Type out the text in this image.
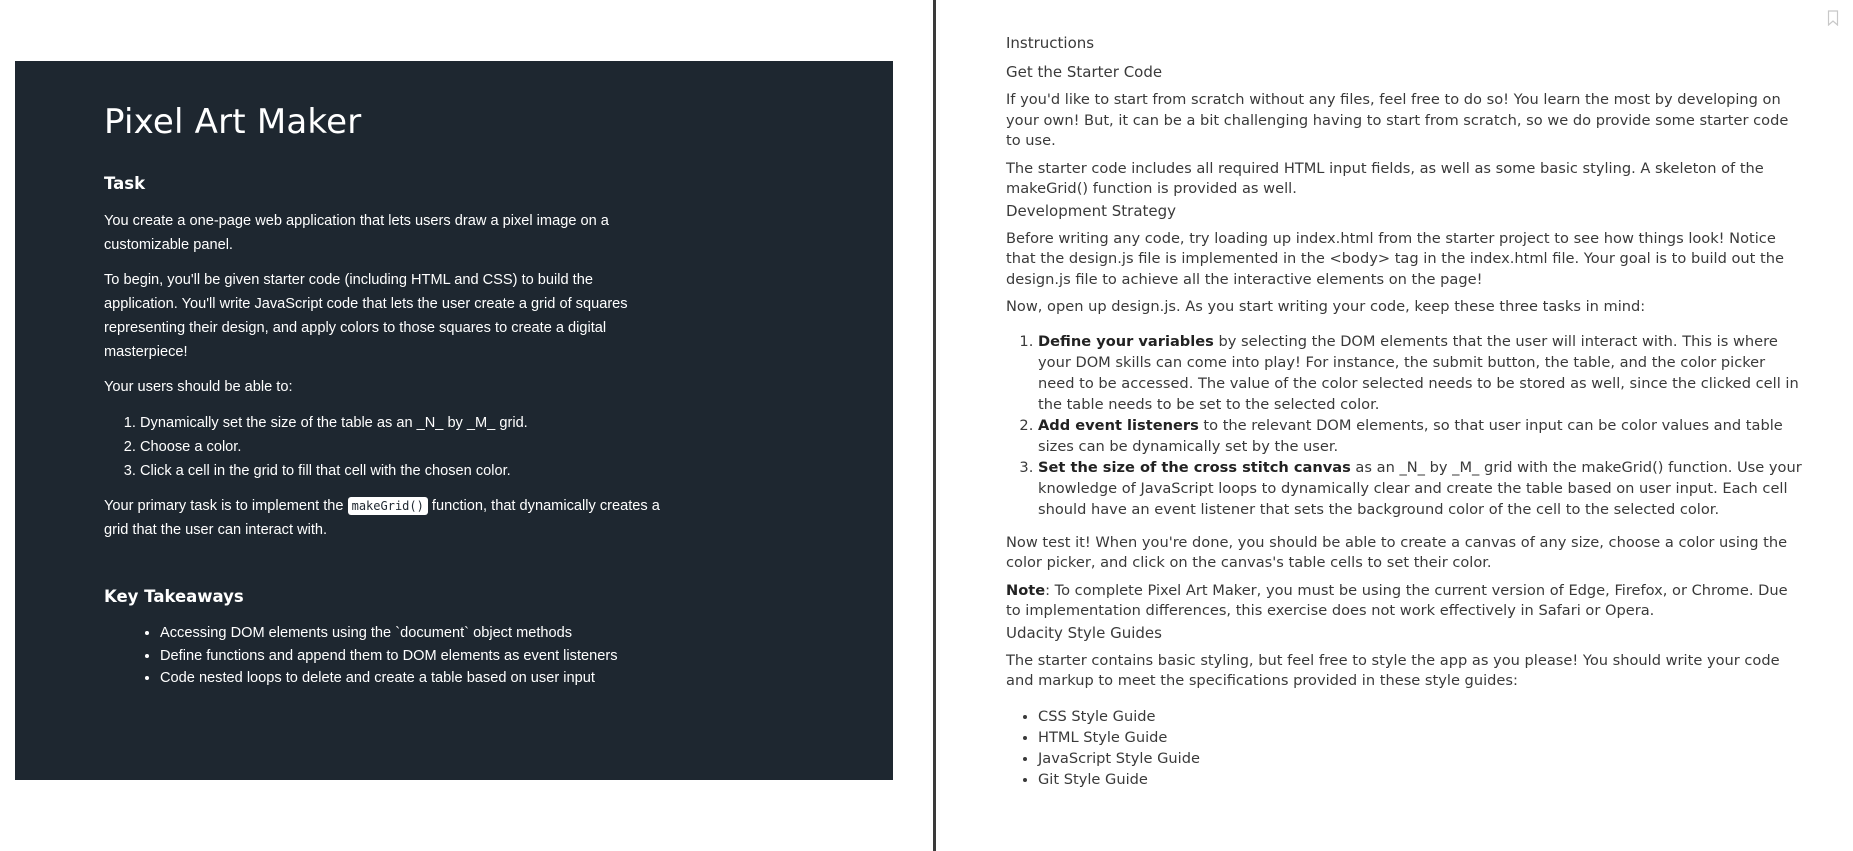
Pixel Art Maker
Task

You create a one-page web application that lets users draw a pixel image on a customizable panel.

To begin, you'll be given starter code (including HTML and CSS) to build the application. You'll write JavaScript code that lets the user create a grid of squares representing their design, and apply colors to those squares to create a digital masterpiece!

Your users should be able to:

1. Dynamically set the size of the table as an _N_ by _M_ grid.
2. Choose a color.
3. Click a cell in the grid to fill that cell with the chosen color.

Your primary task is to implement the makeGrid() function, that dynamically creates a grid that the user can interact with.

Key Takeaways
• Accessing DOM elements using the `document` object methods
• Define functions and append them to DOM elements as event listeners
• Code nested loops to delete and create a table based on user input
Instructions
Get the Starter Code

If you'd like to start from scratch without any files, feel free to do so! You learn the most by developing on your own! But, it can be a bit challenging having to start from scratch, so we do provide some starter code to use.

The starter code includes all required HTML input fields, as well as some basic styling. A skeleton of the makeGrid() function is provided as well.

Development Strategy

Before writing any code, try loading up index.html from the starter project to see how things look! Notice that the design.js file is implemented in the <body> tag in the index.html file. Your goal is to build out the design.js file to achieve all the interactive elements on the page!

Now, open up design.js. As you start writing your code, keep these three tasks in mind:

1. Define your variables by selecting the DOM elements that the user will interact with. This is where your DOM skills can come into play! For instance, the submit button, the table, and the color picker need to be accessed. The value of the color selected needs to be stored as well, since the clicked cell in the table needs to be set to the selected color.
2. Add event listeners to the relevant DOM elements, so that user input can be color values and table sizes can be dynamically set by the user.
3. Set the size of the cross stitch canvas as an _N_ by _M_ grid with the makeGrid() function. Use your knowledge of JavaScript loops to dynamically clear and create the table based on user input. Each cell should have an event listener that sets the background color of the cell to the selected color.

Now test it! When you're done, you should be able to create a canvas of any size, choose a color using the color picker, and click on the canvas's table cells to set their color.

Note: To complete Pixel Art Maker, you must be using the current version of Edge, Firefox, or Chrome. Due to implementation differences, this exercise does not work effectively in Safari or Opera.

Udacity Style Guides

The starter contains basic styling, but feel free to style the app as you please! You should write your code and markup to meet the specifications provided in these style guides:

• CSS Style Guide
• HTML Style Guide
• JavaScript Style Guide
• Git Style Guide
